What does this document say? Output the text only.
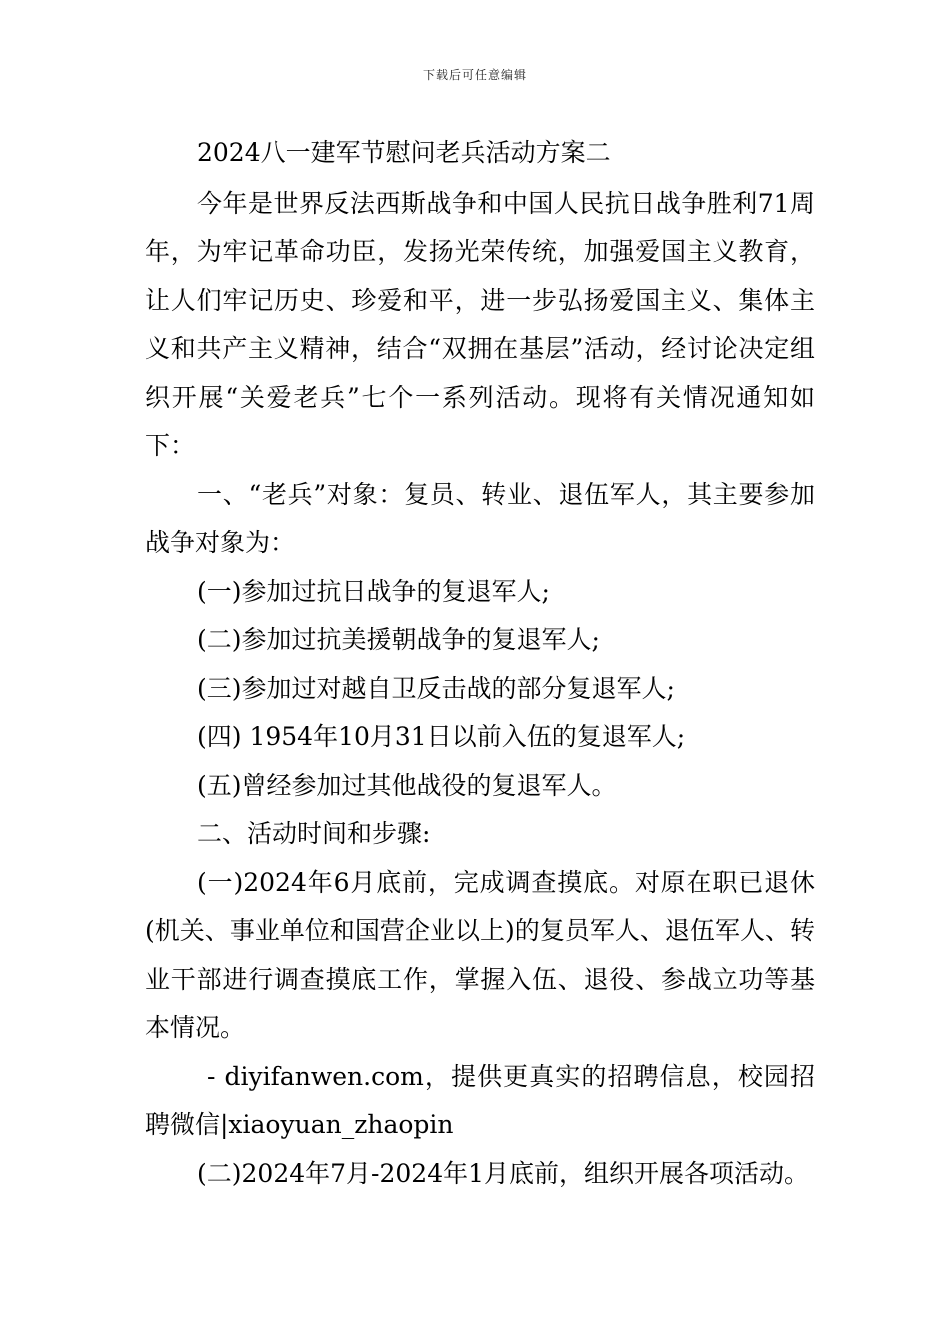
下载后可任意编辑

2024八一建军节慰问老兵活动方案二

今年是世界反法西斯战争和中国人民抗日战争胜利71周年，为牢记革命功臣，发扬光荣传统，加强爱国主义教育，让人们牢记历史、珍爱和平，进一步弘扬爱国主义、集体主义和共产主义精神，结合“双拥在基层”活动，经讨论决定组织开展“关爱老兵”七个一系列活动。现将有关情况通知如下：

一、“老兵”对象：复员、转业、退伍军人，其主要参加战争对象为：

(一)参加过抗日战争的复退军人;

(二)参加过抗美援朝战争的复退军人;

(三)参加过对越自卫反击战的部分复退军人;

(四) 1954年10月31日以前入伍的复退军人;

(五)曾经参加过其他战役的复退军人。

二、活动时间和步骤:

(一)2024年6月底前，完成调查摸底。对原在职已退休(机关、事业单位和国营企业以上)的复员军人、退伍军人、转业干部进行调查摸底工作，掌握入伍、退役、参战立功等基本情况。

- diyifanwen.com，提供更真实的招聘信息，校园招聘微信|xiaoyuan_zhaopin

(二)2024年7月-2024年1月底前，组织开展各项活动。
